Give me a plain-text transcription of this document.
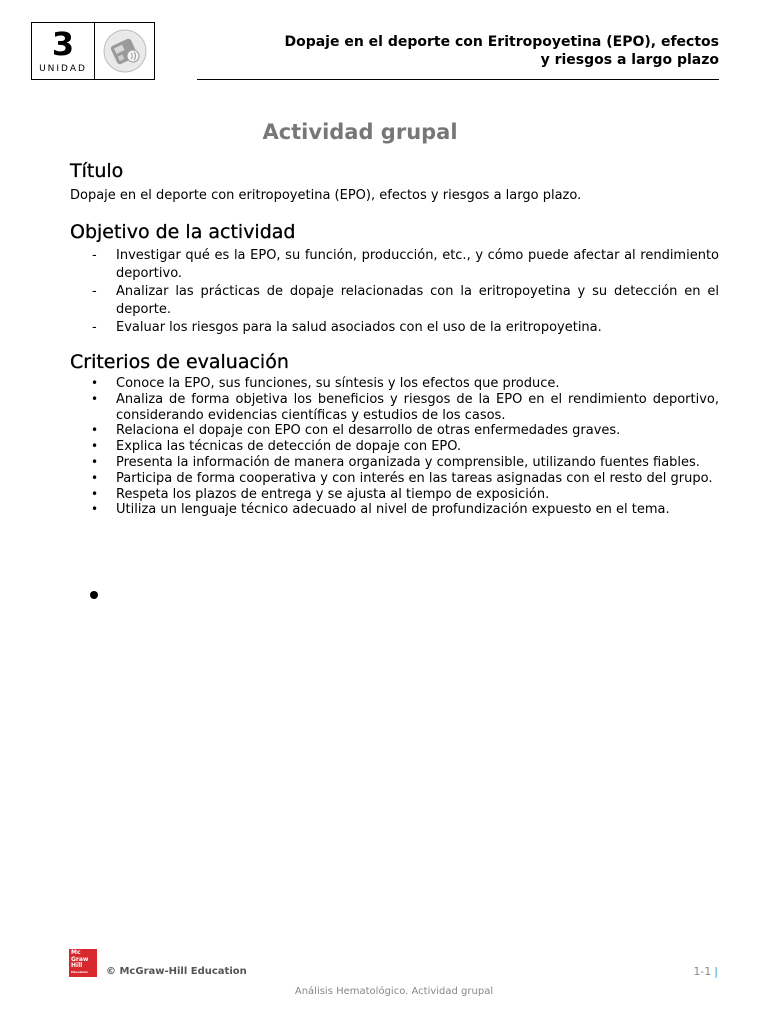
3
UNIDAD
Dopaje en el deporte con Eritropoyetina (EPO), efectos
y riesgos a largo plazo
Actividad grupal
Título

Dopaje en el deporte con eritropoyetina (EPO), efectos y riesgos a largo plazo.

Objetivo de la actividad
- Investigar qué es la EPO, su función, producción, etc., y cómo puede afectar al rendimiento deportivo.
- Analizar las prácticas de dopaje relacionadas con la eritropoyetina y su detección en el deporte.
- Evaluar los riesgos para la salud asociados con el uso de la eritropoyetina.
Criterios de evaluación
• Conoce la EPO, sus funciones, su síntesis y los efectos que produce.
• Analiza de forma objetiva los beneficios y riesgos de la EPO en el rendimiento deportivo, considerando evidencias científicas y estudios de los casos.
• Relaciona el dopaje con EPO con el desarrollo de otras enfermedades graves.
• Explica las técnicas de detección de dopaje con EPO.
• Presenta la información de manera organizada y comprensible, utilizando fuentes fiables.
• Participa de forma cooperativa y con interés en las tareas asignadas con el resto del grupo.
• Respeta los plazos de entrega y se ajusta al tiempo de exposición.
• Utiliza un lenguaje técnico adecuado al nivel de profundización expuesto en el tema.
Mc
Graw
Hill
Education	© McGraw-Hill Education	1-1 |
Análisis Hematológico. Actividad grupal
